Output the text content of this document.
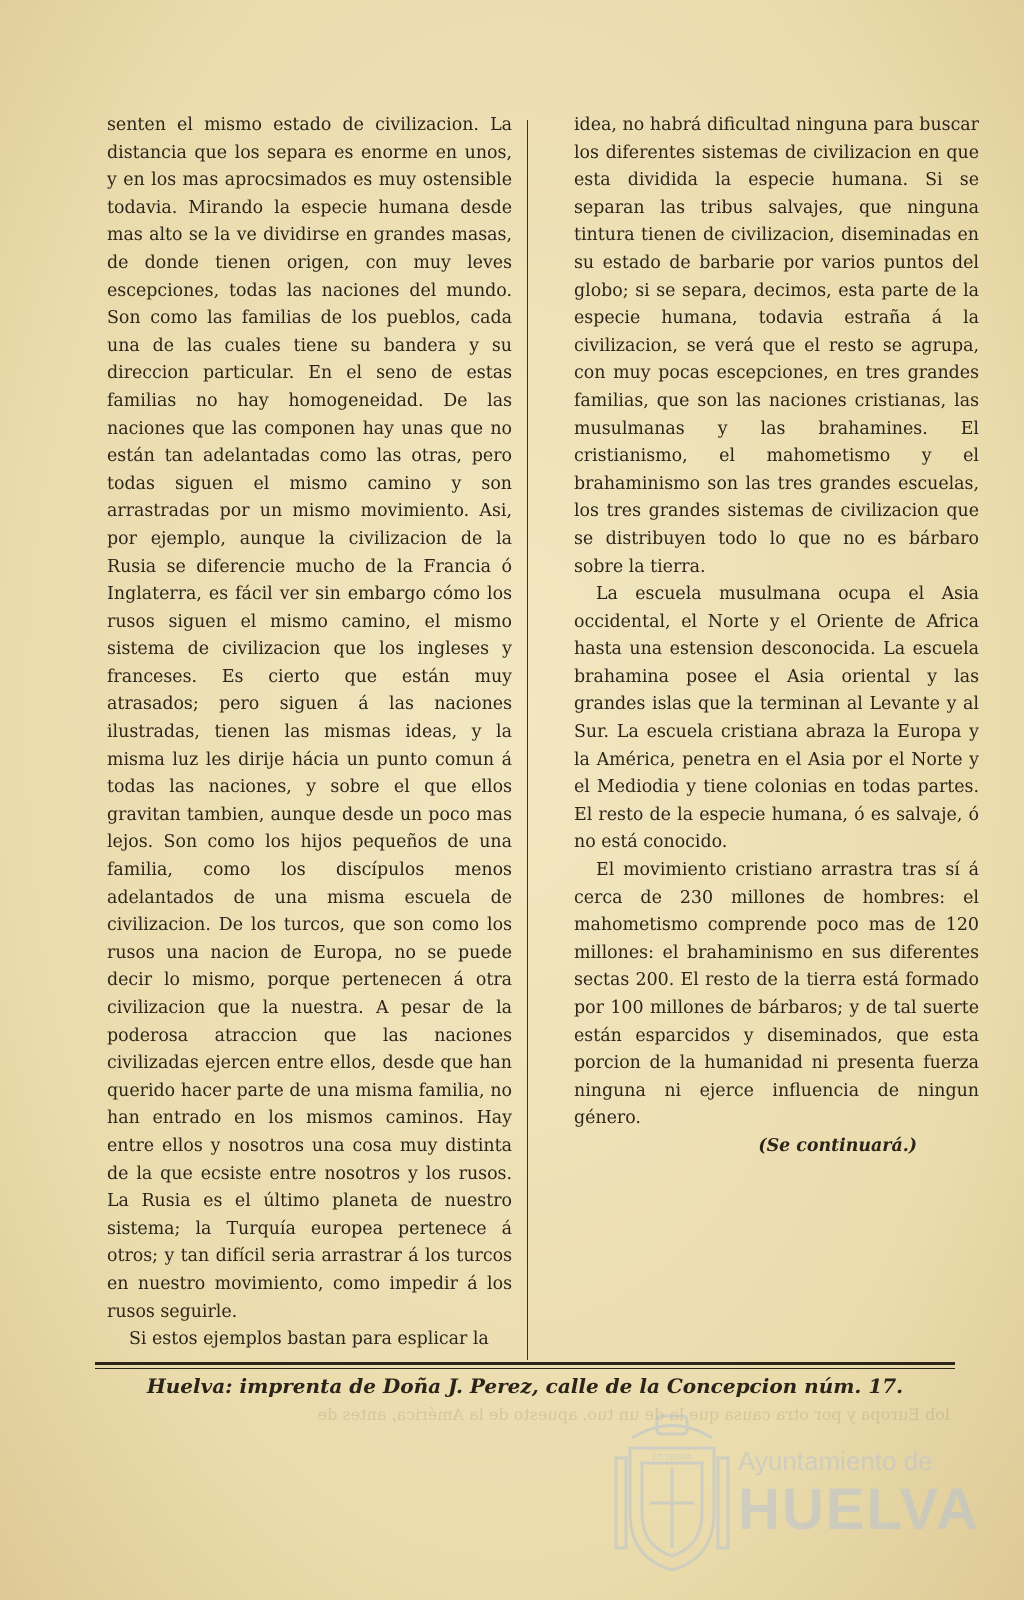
senten el mismo estado de civilizacion. La distancia que los separa es enorme en unos, y en los mas aprocsimados es muy ostensible todavia. Mirando la especie humana desde mas alto se la ve dividirse en grandes masas, de donde tienen origen, con muy leves escepciones, todas las naciones del mundo. Son como las familias de los pueblos, cada una de las cuales tiene su bandera y su direccion particular. En el seno de estas familias no hay homogeneidad. De las naciones que las componen hay unas que no están tan adelantadas como las otras, pero todas siguen el mismo camino y son arrastradas por un mismo movimiento. Asi, por ejemplo, aunque la civilizacion de la Rusia se diferencie mucho de la Francia ó Inglaterra, es fácil ver sin embargo cómo los rusos siguen el mismo camino, el mismo sistema de civilizacion que los ingleses y franceses. Es cierto que están muy atrasados; pero siguen á las naciones ilustradas, tienen las mismas ideas, y la misma luz les dirije hácia un punto comun á todas las naciones, y sobre el que ellos gravitan tambien, aunque desde un poco mas lejos. Son como los hijos pequeños de una familia, como los discípulos menos adelantados de una misma escuela de civilizacion. De los turcos, que son como los rusos una nacion de Europa, no se puede decir lo mismo, porque pertenecen á otra civilizacion que la nuestra. A pesar de la poderosa atraccion que las naciones civilizadas ejercen entre ellos, desde que han querido hacer parte de una misma familia, no han entrado en los mismos caminos. Hay entre ellos y nosotros una cosa muy distinta de la que ecsiste entre nosotros y los rusos. La Rusia es el último planeta de nuestro sistema; la Turquía europea pertenece á otros; y tan difícil seria arrastrar á los turcos en nuestro movimiento, como impedir á los rusos seguirle.

Si estos ejemplos bastan para esplicar la

idea, no habrá dificultad ninguna para buscar los diferentes sistemas de civilizacion en que esta dividida la especie humana. Si se separan las tribus salvajes, que ninguna tintura tienen de civilizacion, diseminadas en su estado de barbarie por varios puntos del globo; si se separa, decimos, esta parte de la especie humana, todavia estraña á la civilizacion, se verá que el resto se agrupa, con muy pocas escepciones, en tres grandes familias, que son las naciones cristianas, las musulmanas y las brahamines. El cristianismo, el mahometismo y el brahaminismo son las tres grandes escuelas, los tres grandes sistemas de civilizacion que se distribuyen todo lo que no es bárbaro sobre la tierra.

La escuela musulmana ocupa el Asia occidental, el Norte y el Oriente de Africa hasta una estension desconocida. La escuela brahamina posee el Asia oriental y las grandes islas que la terminan al Levante y al Sur. La escuela cristiana abraza la Europa y la América, penetra en el Asia por el Norte y el Mediodia y tiene colonias en todas partes. El resto de la especie humana, ó es salvaje, ó no está conocido.

El movimiento cristiano arrastra tras sí á cerca de 230 millones de hombres: el mahometismo comprende poco mas de 120 millones: el brahaminismo en sus diferentes sectas 200. El resto de la tierra está formado por 100 millones de bárbaros; y de tal suerte están esparcidos y diseminados, que esta porcion de la humanidad ni presenta fuerza ninguna ni ejerce influencia de ningun género.

(Se continuará.)

Huelva: imprenta de Doña J. Perez, calle de la Concepcion núm. 17.
lob Europa y por otra causa que la de un tuo. apuesto de la América, antes de
ET TERRA Ayuntamiento de
HUELVA
